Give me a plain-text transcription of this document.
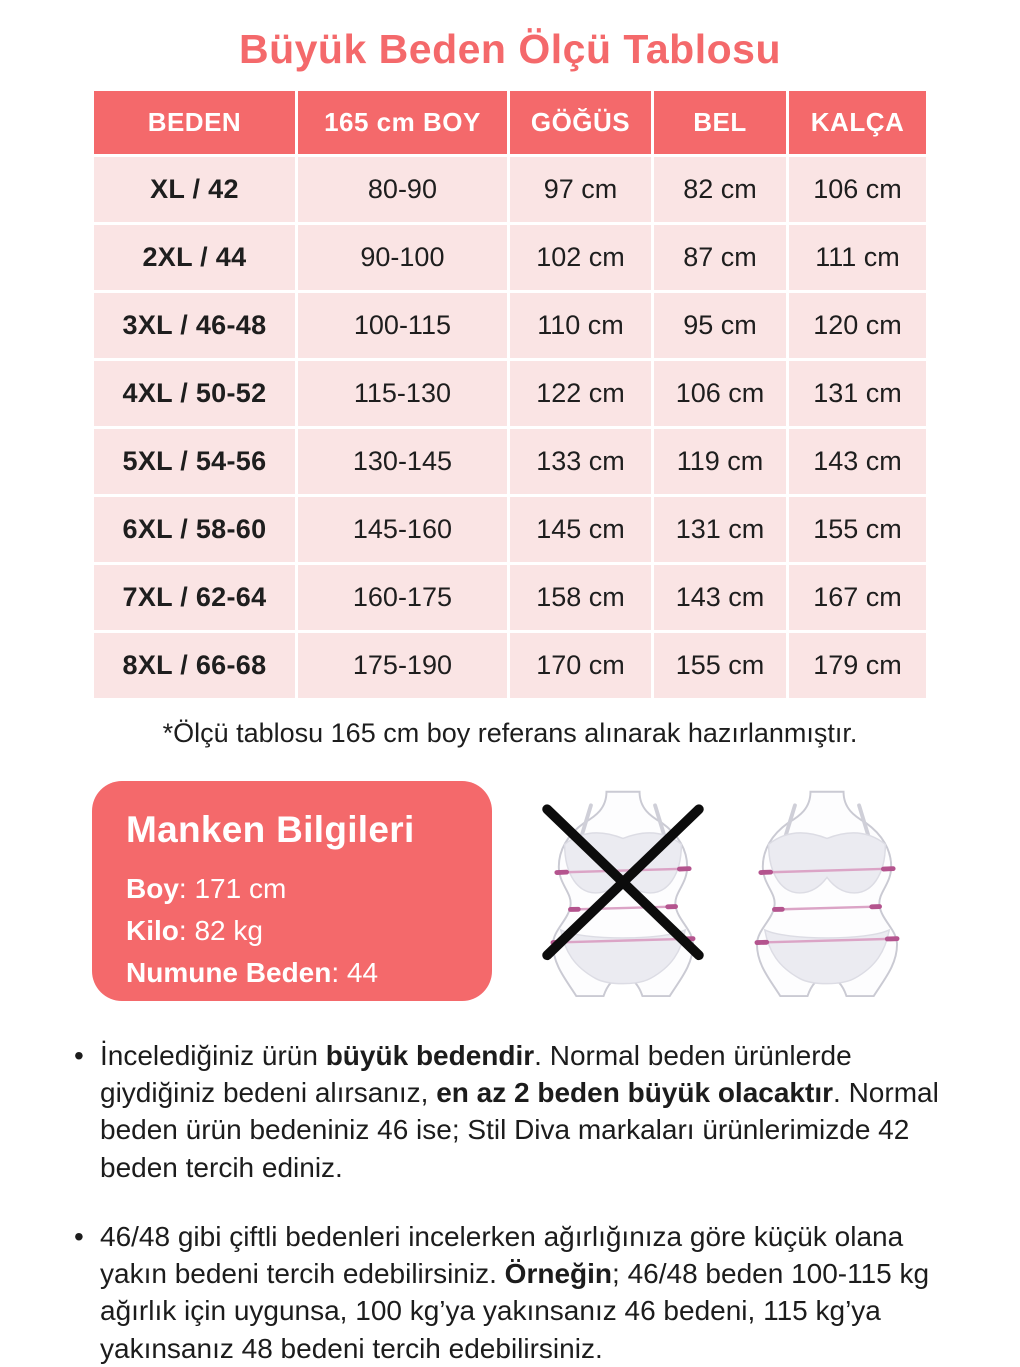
Büyük Beden Ölçü Tablosu
BEDEN	165 cm BOY	GÖĞÜS	BEL	KALÇA
XL / 42	80-90	97 cm	82 cm	106 cm
2XL / 44	90-100	102 cm	87 cm	111 cm
3XL / 46-48	100-115	110 cm	95 cm	120 cm
4XL / 50-52	115-130	122 cm	106 cm	131 cm
5XL / 54-56	130-145	133 cm	119 cm	143 cm
6XL / 58-60	145-160	145 cm	131 cm	155 cm
7XL / 62-64	160-175	158 cm	143 cm	167 cm
8XL / 66-68	175-190	170 cm	155 cm	179 cm

*Ölçü tablosu 165 cm boy referans alınarak hazırlanmıştır.

Manken Bilgileri

Boy: 171 cm

Kilo: 82 kg

Numune Beden: 44

• İncelediğiniz ürün büyük bedendir. Normal beden ürünlerde giydiğiniz bedeni alırsanız, en az 2 beden büyük olacaktır. Normal beden ürün bedeniniz 46 ise; Stil Diva markaları ürünlerimizde 42 beden tercih ediniz.
• 46/48 gibi çiftli bedenleri incelerken ağırlığınıza göre küçük olana yakın bedeni tercih edebilirsiniz. Örneğin; 46/48 beden 100-115 kg ağırlık için uygunsa, 100 kg’ya yakınsanız 46 bedeni, 115 kg’ya yakınsanız 48 bedeni tercih edebilirsiniz.
